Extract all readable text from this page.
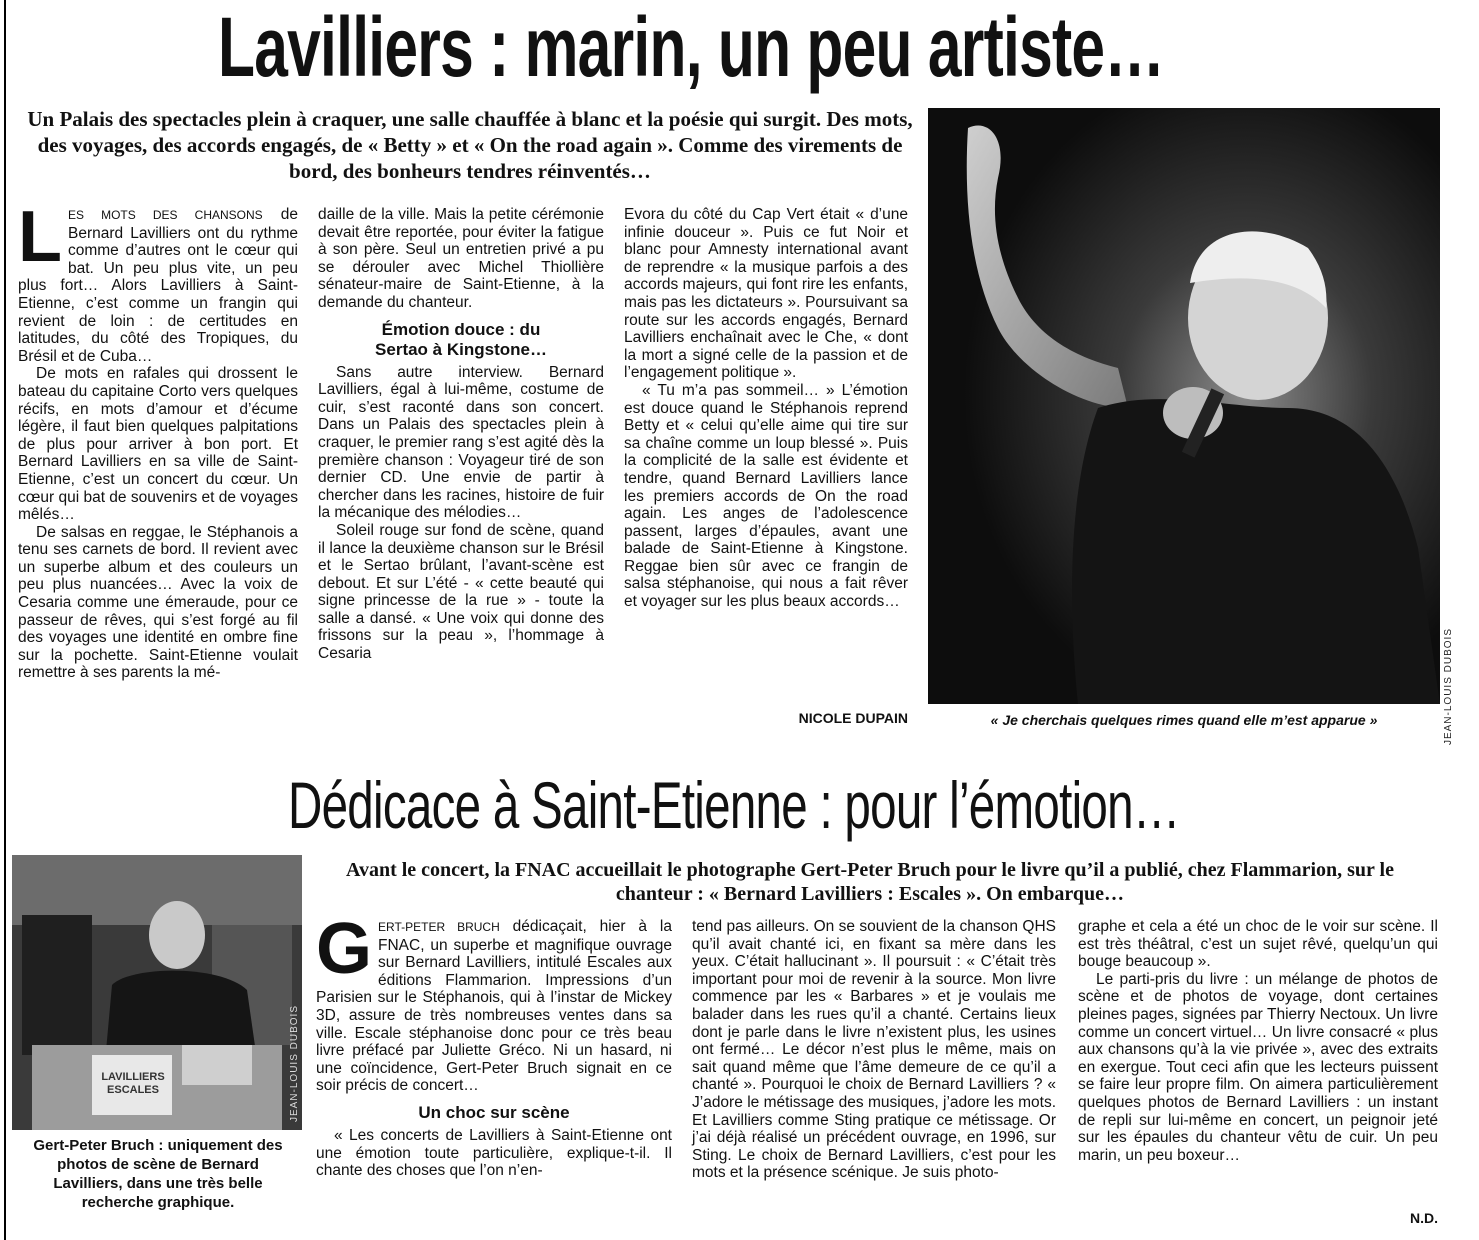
Lavilliers : marin, un peu artiste…
Un Palais des spectacles plein à craquer, une salle chauffée à blanc et la poésie qui surgit. Des mots, des voyages, des accords engagés, de « Betty » et « On the road again ». Comme des virements de bord, des bonheurs tendres réinventés…

LES MOTS DES CHANSONS de Bernard Lavilliers ont du rythme comme d’autres ont le cœur qui bat. Un peu plus vite, un peu plus fort… Alors Lavilliers à Saint-Etienne, c’est comme un frangin qui revient de loin : de certitudes en latitudes, du côté des Tropiques, du Brésil et de Cuba…

De mots en rafales qui drossent le bateau du capitaine Corto vers quelques récifs, en mots d’amour et d’écume légère, il faut bien quelques palpitations de plus pour arriver à bon port. Et Bernard Lavilliers en sa ville de Saint-Etienne, c’est un concert du cœur. Un cœur qui bat de souvenirs et de voyages mêlés…

De salsas en reggae, le Stéphanois a tenu ses carnets de bord. Il revient avec un superbe album et des couleurs un peu plus nuancées… Avec la voix de Cesaria comme une émeraude, pour ce passeur de rêves, qui s’est forgé au fil des voyages une identité en ombre fine sur la pochette. Saint-Etienne voulait remettre à ses parents la mé-

daille de la ville. Mais la petite cérémonie devait être reportée, pour éviter la fatigue à son père. Seul un entretien privé a pu se dérouler avec Michel Thiollière sénateur-maire de Saint-Etienne, à la demande du chanteur.

Émotion douce : du Sertao à Kingstone…

Sans autre interview. Bernard Lavilliers, égal à lui-même, costume de cuir, s’est raconté dans son concert. Dans un Palais des spectacles plein à craquer, le premier rang s’est agité dès la première chanson : Voyageur tiré de son dernier CD. Une envie de partir à chercher dans les racines, histoire de fuir la mécanique des mélodies…

Soleil rouge sur fond de scène, quand il lance la deuxième chanson sur le Brésil et le Sertao brûlant, l’avant-scène est debout. Et sur L’été - « cette beauté qui signe princesse de la rue » - toute la salle a dansé. « Une voix qui donne des frissons sur la peau », l’hommage à Cesaria

Evora du côté du Cap Vert était « d’une infinie douceur ». Puis ce fut Noir et blanc pour Amnesty international avant de reprendre « la musique parfois a des accords majeurs, qui font rire les enfants, mais pas les dictateurs ». Poursuivant sa route sur les accords engagés, Bernard Lavilliers enchaînait avec le Che, « dont la mort a signé celle de la passion et de l’engagement politique ».

« Tu m’a pas sommeil… » L’émotion est douce quand le Stéphanois reprend Betty et « celui qu’elle aime qui tire sur sa chaîne comme un loup blessé ». Puis la complicité de la salle est évidente et tendre, quand Bernard Lavilliers lance les premiers accords de On the road again. Les anges de l’adolescence passent, larges d’épaules, avant une balade de Saint-Etienne à Kingstone. Reggae bien sûr avec ce frangin de salsa stéphanoise, qui nous a fait rêver et voyager sur les plus beaux accords…

NICOLE DUPAIN	JEAN-LOUIS DUBOIS
« Je cherchais quelques rimes quand elle m’est apparue »
Dédicace à Saint-Etienne : pour l’émotion…
LAVILLIERS ESCALES	JEAN-LOUIS DUBOIS
Gert-Peter Bruch : uniquement des photos de scène de Bernard Lavilliers, dans une très belle recherche graphique.
Avant le concert, la FNAC accueillait le photographe Gert-Peter Bruch pour le livre qu’il a publié, chez Flammarion, sur le chanteur : « Bernard Lavilliers : Escales ». On embarque…

GERT-PETER BRUCH dédicaçait, hier à la FNAC, un superbe et magnifique ouvrage sur Bernard Lavilliers, intitulé Escales aux éditions Flammarion. Impressions d’un Parisien sur le Stéphanois, qui à l’instar de Mickey 3D, assure de très nombreuses ventes dans sa ville. Escale stéphanoise donc pour ce très beau livre préfacé par Juliette Gréco. Ni un hasard, ni une coïncidence, Gert-Peter Bruch signait en ce soir précis de concert…

Un choc sur scène

« Les concerts de Lavilliers à Saint-Etienne ont une émotion toute particulière, explique-t-il. Il chante des choses que l’on n’en-

tend pas ailleurs. On se souvient de la chanson QHS qu’il avait chanté ici, en fixant sa mère dans les yeux. C’était hallucinant ». Il poursuit : « C’était très important pour moi de revenir à la source. Mon livre commence par les « Barbares » et je voulais me balader dans les rues qu’il a chanté. Certains lieux dont je parle dans le livre n’existent plus, les usines ont fermé… Le décor n’est plus le même, mais on sait quand même que l’âme demeure de ce qu’il a chanté ». Pourquoi le choix de Bernard Lavilliers ? « J’adore le métissage des musiques, j’adore les mots. Et Lavilliers comme Sting pratique ce métissage. Or j’ai déjà réalisé un précédent ouvrage, en 1996, sur Sting. Le choix de Bernard Lavilliers, c’est pour les mots et la présence scénique. Je suis photo-

graphe et cela a été un choc de le voir sur scène. Il est très théâtral, c’est un sujet rêvé, quelqu’un qui bouge beaucoup ».

Le parti-pris du livre : un mélange de photos de scène et de photos de voyage, dont certaines pleines pages, signées par Thierry Nectoux. Un livre comme un concert virtuel… Un livre consacré « plus aux chansons qu’à la vie privée », avec des extraits en exergue. Tout ceci afin que les lecteurs puissent se faire leur propre film. On aimera particulièrement quelques photos de Bernard Lavilliers : un instant de repli sur lui-même en concert, un peignoir jeté sur les épaules du chanteur vêtu de cuir. Un peu marin, un peu boxeur…

N.D.
